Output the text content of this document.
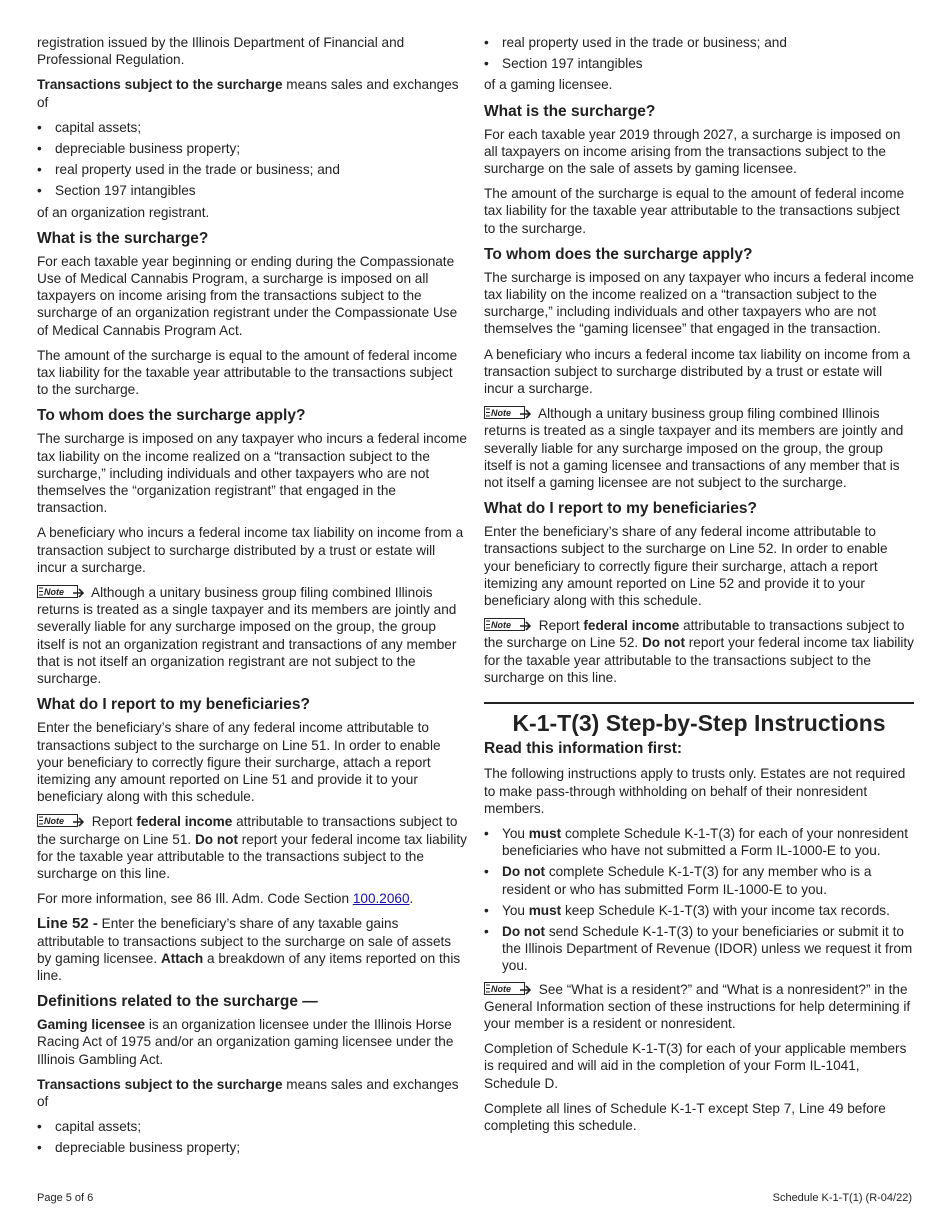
registration issued by the Illinois Department of Financial and Professional Regulation.

Transactions subject to the surcharge means sales and exchanges of

• capital assets;
• depreciable business property;
• real property used in the trade or business; and
• Section 197 intangibles

of an organization registrant.

What is the surcharge?

For each taxable year beginning or ending during the Compassionate Use of Medical Cannabis Program, a surcharge is imposed on all taxpayers on income arising from the transactions subject to the surcharge of an organization registrant under the Compassionate Use of Medical Cannabis Program Act.

The amount of the surcharge is equal to the amount of federal income tax liability for the taxable year attributable to the transactions subject to the surcharge.

To whom does the surcharge apply?

The surcharge is imposed on any taxpayer who incurs a federal income tax liability on the income realized on a “transaction subject to the surcharge,” including individuals and other taxpayers who are not themselves the “organization registrant” that engaged in the transaction.

A beneficiary who incurs a federal income tax liability on income from a transaction subject to surcharge distributed by a trust or estate will incur a surcharge.

Note Although a unitary business group filing combined Illinois returns is treated as a single taxpayer and its members are jointly and severally liable for any surcharge imposed on the group, the group itself is not an organization registrant and transactions of any member that is not itself an organization registrant are not subject to the surcharge.

What do I report to my beneficiaries?

Enter the beneficiary’s share of any federal income attributable to transactions subject to the surcharge on Line 51. In order to enable your beneficiary to correctly figure their surcharge, attach a report itemizing any amount reported on Line 51 and provide it to your beneficiary along with this schedule.

Note Report federal income attributable to transactions subject to the surcharge on Line 51. Do not report your federal income tax liability for the taxable year attributable to the transactions subject to the surcharge on this line.

For more information, see 86 Ill. Adm. Code Section 100.2060.

Line 52 - Enter the beneficiary’s share of any taxable gains attributable to transactions subject to the surcharge on sale of assets by gaming licensee. Attach a breakdown of any items reported on this line.

Definitions related to the surcharge —

Gaming licensee is an organization licensee under the Illinois Horse Racing Act of 1975 and/or an organization gaming licensee under the Illinois Gambling Act.

Transactions subject to the surcharge means sales and exchanges of

• capital assets;
• depreciable business property;
• real property used in the trade or business; and
• Section 197 intangibles

of a gaming licensee.

What is the surcharge?

For each taxable year 2019 through 2027, a surcharge is imposed on all taxpayers on income arising from the transactions subject to the surcharge on the sale of assets by gaming licensee.

The amount of the surcharge is equal to the amount of federal income tax liability for the taxable year attributable to the transactions subject to the surcharge.

To whom does the surcharge apply?

The surcharge is imposed on any taxpayer who incurs a federal income tax liability on the income realized on a “transaction subject to the surcharge,” including individuals and other taxpayers who are not themselves the “gaming licensee” that engaged in the transaction.

A beneficiary who incurs a federal income tax liability on income from a transaction subject to surcharge distributed by a trust or estate will incur a surcharge.

Note Although a unitary business group filing combined Illinois returns is treated as a single taxpayer and its members are jointly and severally liable for any surcharge imposed on the group, the group itself is not a gaming licensee and transactions of any member that is not itself a gaming licensee are not subject to the surcharge.

What do I report to my beneficiaries?

Enter the beneficiary’s share of any federal income attributable to transactions subject to the surcharge on Line 52. In order to enable your beneficiary to correctly figure their surcharge, attach a report itemizing any amount reported on Line 52 and provide it to your beneficiary along with this schedule.

Note Report federal income attributable to transactions subject to the surcharge on Line 52. Do not report your federal income tax liability for the taxable year attributable to the transactions subject to the surcharge on this line.

K-1-T(3) Step-by-Step Instructions
Read this information first:

The following instructions apply to trusts only. Estates are not required to make pass-through withholding on behalf of their nonresident members.

• You must complete Schedule K-1-T(3) for each of your nonresident beneficiaries who have not submitted a Form IL-1000-E to you.
• Do not complete Schedule K-1-T(3) for any member who is a resident or who has submitted Form IL-1000-E to you.
• You must keep Schedule K-1-T(3) with your income tax records.
• Do not send Schedule K-1-T(3) to your beneficiaries or submit it to the Illinois Department of Revenue (IDOR) unless we request it from you.

Note See “What is a resident?” and “What is a nonresident?” in the General Information section of these instructions for help determining if your member is a resident or nonresident.

Completion of Schedule K-1-T(3) for each of your applicable members is required and will aid in the completion of your Form IL-1041, Schedule D.

Complete all lines of Schedule K-1-T except Step 7, Line 49 before completing this schedule.

Page 5 of 6	Schedule K-1-T(1) (R-04/22)
